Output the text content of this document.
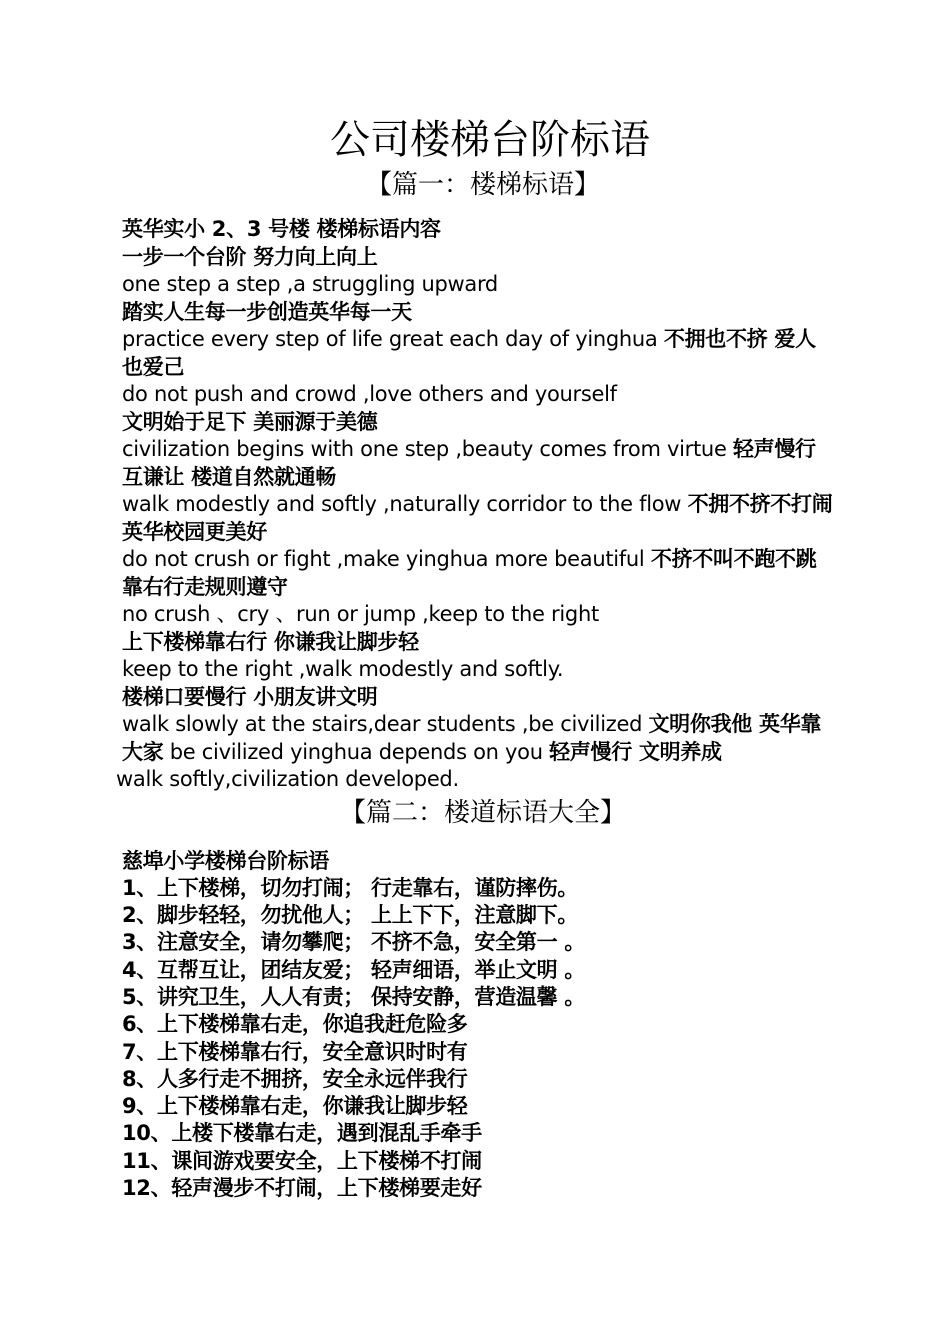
公司楼梯台阶标语
【篇一：楼梯标语】

英华实小 2、3 号楼 楼梯标语内容

一步一个台阶 努力向上向上

one step a step ,a struggling upward

踏实人生每一步创造英华每一天

practice every step of life great each day of yinghua 不拥也不挤 爱人也爱己

do not push and crowd ,love others and yourself

文明始于足下 美丽源于美德

civilization begins with one step ,beauty comes from virtue 轻声慢行互谦让 楼道自然就通畅

walk modestly and softly ,naturally corridor to the flow 不拥不挤不打闹 英华校园更美好

do not crush or fight ,make yinghua more beautiful 不挤不叫不跑不跳 靠右行走规则遵守

no crush 、cry 、run or jump ,keep to the right

上下楼梯靠右行 你谦我让脚步轻

keep to the right ,walk modestly and softly.

楼梯口要慢行 小朋友讲文明

walk slowly at the stairs,dear students ,be civilized 文明你我他 英华靠大家 be civilized yinghua depends on you 轻声慢行 文明养成

walk softly,civilization developed.

【篇二：楼道标语大全】

慈埠小学楼梯台阶标语

1、上下楼梯，切勿打闹； 行走靠右，谨防摔伤。

2、脚步轻轻，勿扰他人； 上上下下，注意脚下。

3、注意安全，请勿攀爬； 不挤不急，安全第一 。

4、互帮互让，团结友爱； 轻声细语，举止文明 。

5、讲究卫生，人人有责； 保持安静，营造温馨 。

6、上下楼梯靠右走，你追我赶危险多

7、上下楼梯靠右行，安全意识时时有

8、人多行走不拥挤，安全永远伴我行

9、上下楼梯靠右走，你谦我让脚步轻

10、上楼下楼靠右走，遇到混乱手牵手

11、课间游戏要安全，上下楼梯不打闹

12、轻声漫步不打闹，上下楼梯要走好
